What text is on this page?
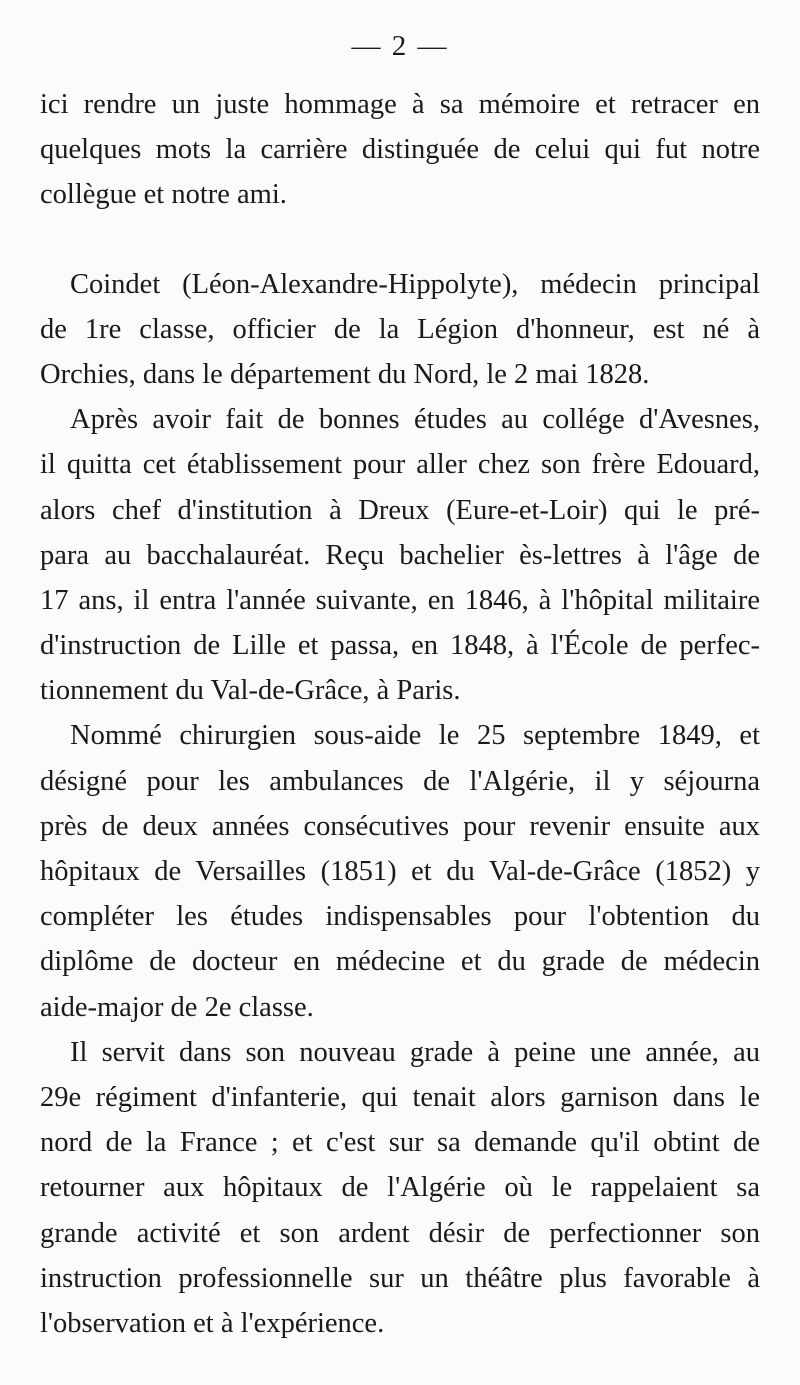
— 2 —
ici rendre un juste hommage à sa mémoire et retracer en
quelques mots la carrière distinguée de celui qui fut notre
collègue et notre ami.
Coindet (Léon-Alexandre-Hippolyte), médecin principal
de 1re classe, officier de la Légion d'honneur, est né à
Orchies, dans le département du Nord, le 2 mai 1828.
Après avoir fait de bonnes études au collége d'Avesnes,
il quitta cet établissement pour aller chez son frère Edouard,
alors chef d'institution à Dreux (Eure-et-Loir) qui le pré-
para au bacchalauréat. Reçu bachelier ès-lettres à l'âge de
17 ans, il entra l'année suivante, en 1846, à l'hôpital militaire
d'instruction de Lille et passa, en 1848, à l'École de perfec-
tionnement du Val-de-Grâce, à Paris.
Nommé chirurgien sous-aide le 25 septembre 1849, et
désigné pour les ambulances de l'Algérie, il y séjourna
près de deux années consécutives pour revenir ensuite aux
hôpitaux de Versailles (1851) et du Val-de-Grâce (1852) y
compléter les études indispensables pour l'obtention du
diplôme de docteur en médecine et du grade de médecin
aide-major de 2e classe.
Il servit dans son nouveau grade à peine une année, au
29e régiment d'infanterie, qui tenait alors garnison dans le
nord de la France ; et c'est sur sa demande qu'il obtint de
retourner aux hôpitaux de l'Algérie où le rappelaient sa
grande activité et son ardent désir de perfectionner son
instruction professionnelle sur un théâtre plus favorable à
l'observation et à l'expérience.
